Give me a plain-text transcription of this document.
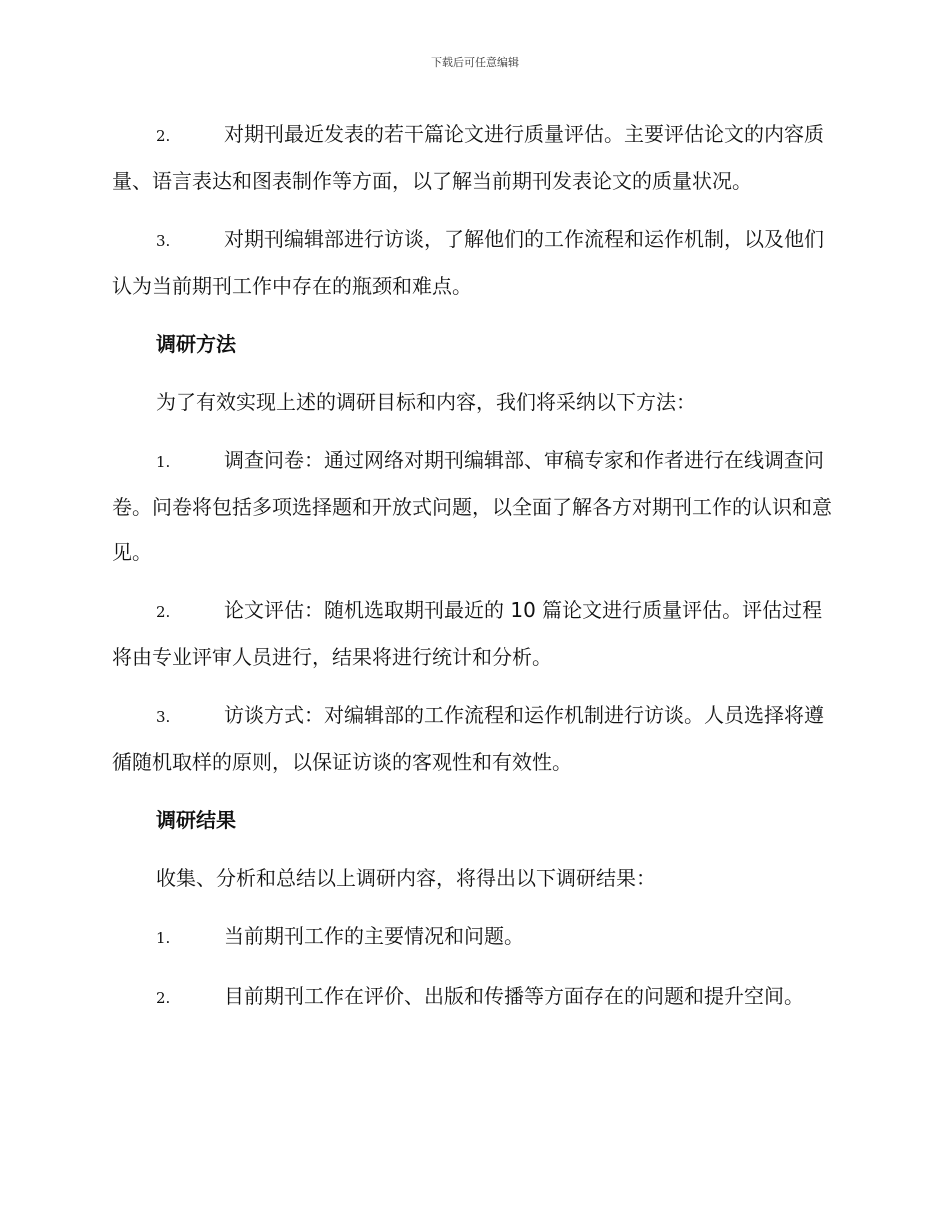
下载后可任意编辑

2.	对期刊最近发表的若干篇论文进行质量评估。主要评估论文的内容质量、语言表达和图表制作等方面，以了解当前期刊发表论文的质量状况。

3.	对期刊编辑部进行访谈，了解他们的工作流程和运作机制，以及他们认为当前期刊工作中存在的瓶颈和难点。

调研方法

为了有效实现上述的调研目标和内容，我们将采纳以下方法：

1.	调查问卷：通过网络对期刊编辑部、审稿专家和作者进行在线调查问卷。问卷将包括多项选择题和开放式问题，以全面了解各方对期刊工作的认识和意见。

2.	论文评估：随机选取期刊最近的 10 篇论文进行质量评估。评估过程将由专业评审人员进行，结果将进行统计和分析。

3.	访谈方式：对编辑部的工作流程和运作机制进行访谈。人员选择将遵循随机取样的原则，以保证访谈的客观性和有效性。

调研结果

收集、分析和总结以上调研内容，将得出以下调研结果：

1.	当前期刊工作的主要情况和问题。

2.	目前期刊工作在评价、出版和传播等方面存在的问题和提升空间。
